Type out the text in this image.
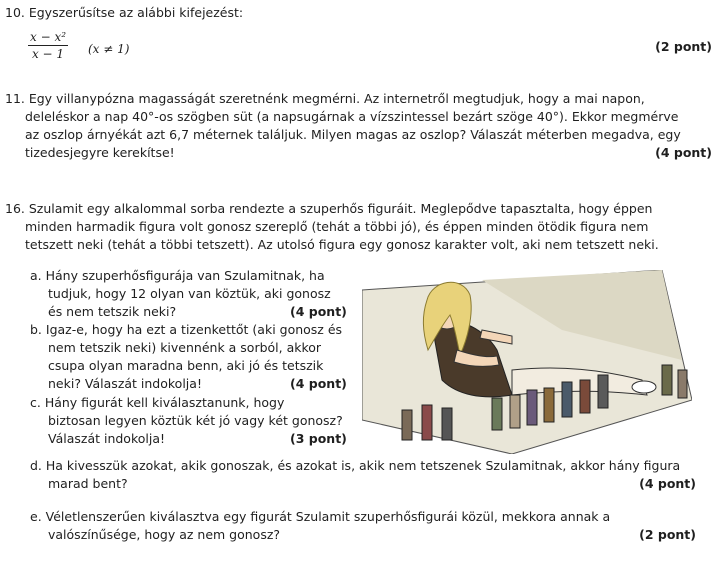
10. Egyszerűsítse az alábbi kifejezést:
$\frac{\text{x − x²}}{x - 1} (x \ne 1)$	(2 pont)
11. Egy villanypózna magasságát szeretnénk megmérni. Az internetről megtudjuk, hogy a mai napon,
deleléskor a nap 40°-os szögben süt (a napsugárnak a vízszintessel bezárt szöge 40°). Ekkor megmérve
az oszlop árnyékát azt 6,7 méternek találjuk. Milyen magas az oszlop? Válaszát méterben megadva, egy
tizedesjegyre kerekítse!	(4 pont)
16. Szulamit egy alkalommal sorba rendezte a szuperhős figuráit. Meglepődve tapasztalta, hogy éppen
minden harmadik figura volt gonosz szereplő (tehát a többi jó), és éppen minden ötödik figura nem
tetszett neki (tehát a többi tetszett). Az utolsó figura egy gonosz karakter volt, aki nem tetszett neki.
a. Hány szuperhősfigurája van Szulamitnak, ha
tudjuk, hogy 12 olyan van köztük, aki gonosz
és nem tetszik neki?	(4 pont)
b. Igaz-e, hogy ha ezt a tizenkettőt (aki gonosz és
nem tetszik neki) kivennénk a sorból, akkor
csupa olyan maradna benn, aki jó és tetszik
neki? Válaszát indokolja!	(4 pont)
c. Hány figurát kell kiválasztanunk, hogy
biztosan legyen köztük két jó vagy két gonosz?
Válaszát indokolja!	(3 pont)
d. Ha kivesszük azokat, akik gonoszak, és azokat is, akik nem tetszenek Szulamitnak, akkor hány figura
marad bent?	(4 pont)
e. Véletlenszerűen kiválasztva egy figurát Szulamit szuperhősfigurái közül, mekkora annak a
valószínűsége, hogy az nem gonosz?	(2 pont)
